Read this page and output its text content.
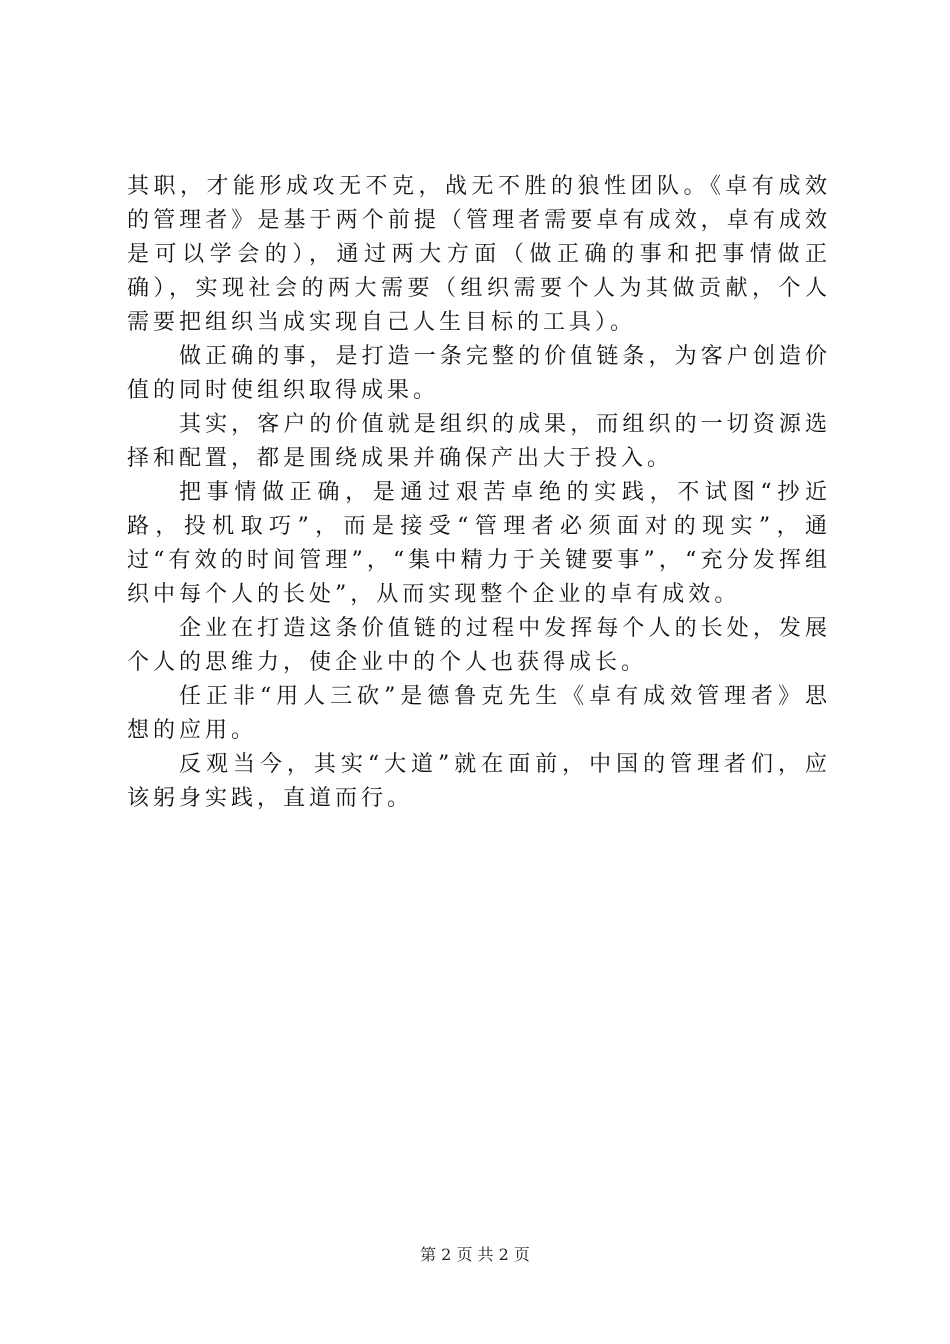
其职，才能形成攻无不克，战无不胜的狼性团队。《卓有成效的管理者》是基于两个前提（管理者需要卓有成效，卓有成效是可以学会的），通过两大方面（做正确的事和把事情做正确），实现社会的两大需要（组织需要个人为其做贡献，个人需要把组织当成实现自己人生目标的工具）。

做正确的事，是打造一条完整的价值链条，为客户创造价值的同时使组织取得成果。

其实，客户的价值就是组织的成果，而组织的一切资源选择和配置，都是围绕成果并确保产出大于投入。

把事情做正确，是通过艰苦卓绝的实践，不试图“抄近路，投机取巧”，而是接受“管理者必须面对的现实”，通过“有效的时间管理”，“集中精力于关键要事”，“充分发挥组织中每个人的长处”，从而实现整个企业的卓有成效。

企业在打造这条价值链的过程中发挥每个人的长处，发展个人的思维力，使企业中的个人也获得成长。

任正非“用人三砍”是德鲁克先生《卓有成效管理者》思想的应用。

反观当今，其实“大道”就在面前，中国的管理者们，应该躬身实践，直道而行。

第 2 页 共 2 页
